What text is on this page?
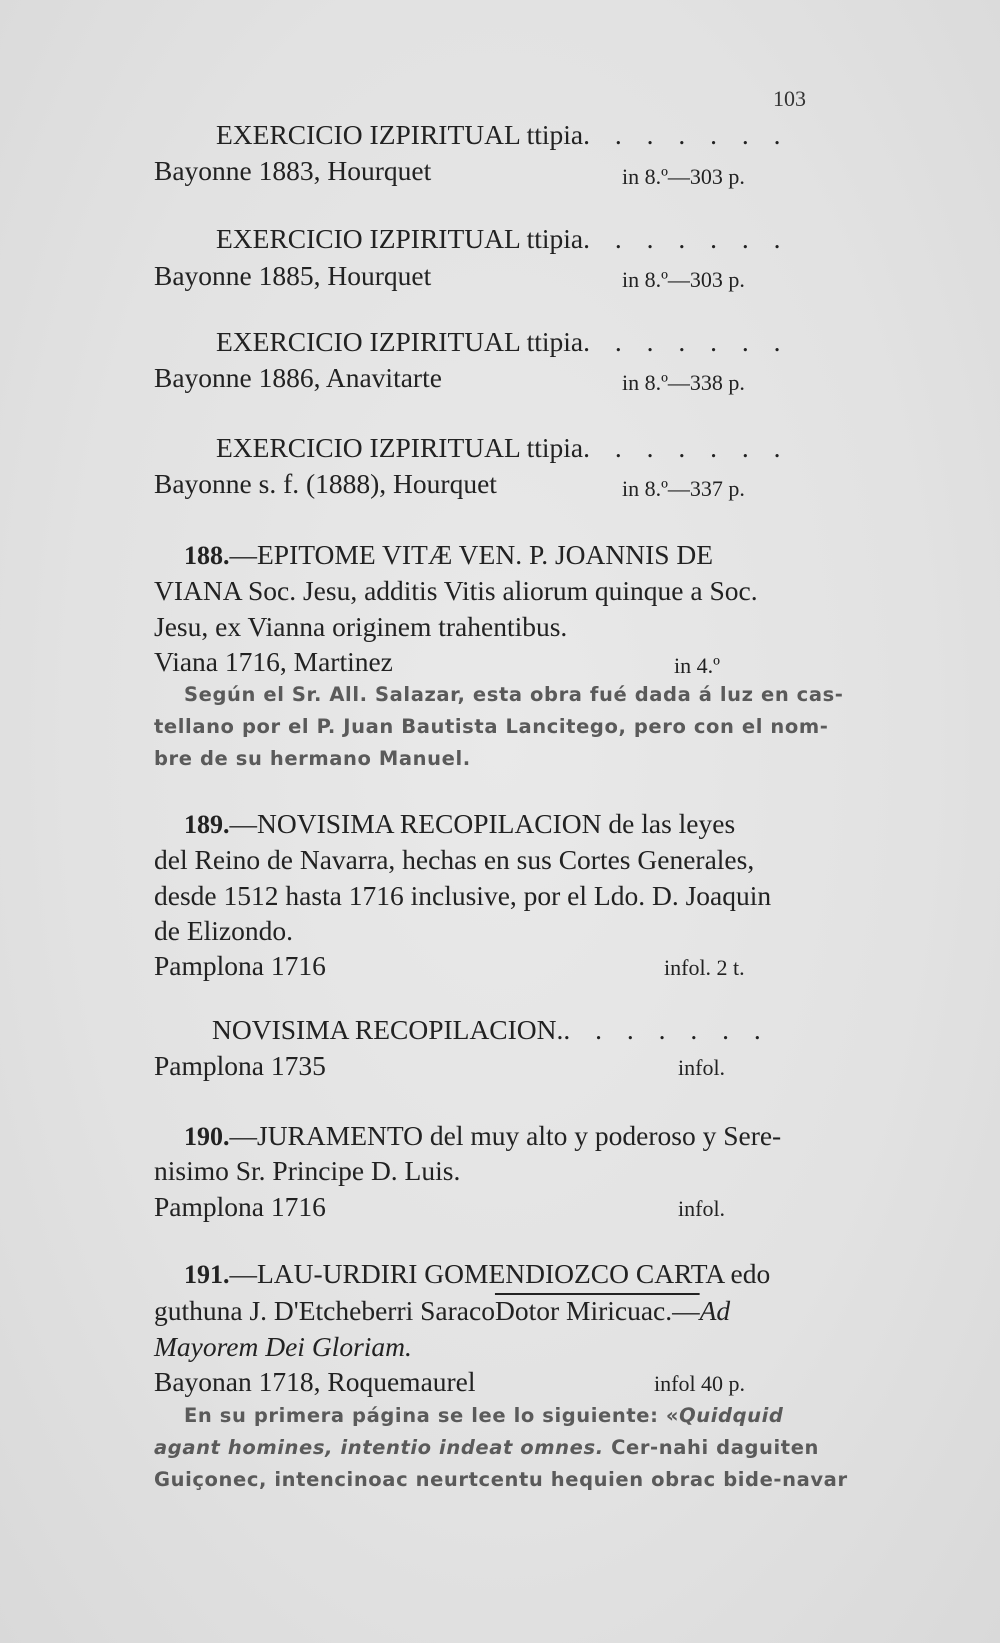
103
EXERCICIO IZPIRITUAL ttipia. . . . . . .
Bayonne 1883, Hourquet	in 8.º—303 p.
EXERCICIO IZPIRITUAL ttipia. . . . . . .
Bayonne 1885, Hourquet	in 8.º—303 p.
EXERCICIO IZPIRITUAL ttipia. . . . . . .
Bayonne 1886, Anavitarte	in 8.º—338 p.
EXERCICIO IZPIRITUAL ttipia. . . . . . .
Bayonne s. f. (1888), Hourquet	in 8.º—337 p.
188.—EPITOME VITÆ VEN. P. JOANNIS DE
VIANA Soc. Jesu, additis Vitis aliorum quinque a Soc.
Jesu, ex Vianna originem trahentibus.
Viana 1716, Martinez	in 4.º
Según el Sr. All. Salazar, esta obra fué dada á luz en cas-
tellano por el P. Juan Bautista Lancitego, pero con el nom-
bre de su hermano Manuel.
189.—NOVISIMA RECOPILACION de las leyes
del Reino de Navarra, hechas en sus Cortes Generales,
desde 1512 hasta 1716 inclusive, por el Ldo. D. Joaquin
de Elizondo.
Pamplona 1716	infol. 2 t.
NOVISIMA RECOPILACION.. . . . . . .
Pamplona 1735	infol.
190.—JURAMENTO del muy alto y poderoso y Sere-
nisimo Sr. Principe D. Luis.
Pamplona 1716	infol.
191.—LAU-URDIRI GOMENDIOZCO CARTA edo
guthuna J. D'Etcheberri SaracoDotor Miricuac.—Ad
Mayorem Dei Gloriam.
Bayonan 1718, Roquemaurel	infol 40 p.
En su primera página se lee lo siguiente: «Quidquid
agant homines, intentio indeat omnes. Cer-nahi daguiten
Guiçonec, intencinoac neurtcentu hequien obrac bide-navar
